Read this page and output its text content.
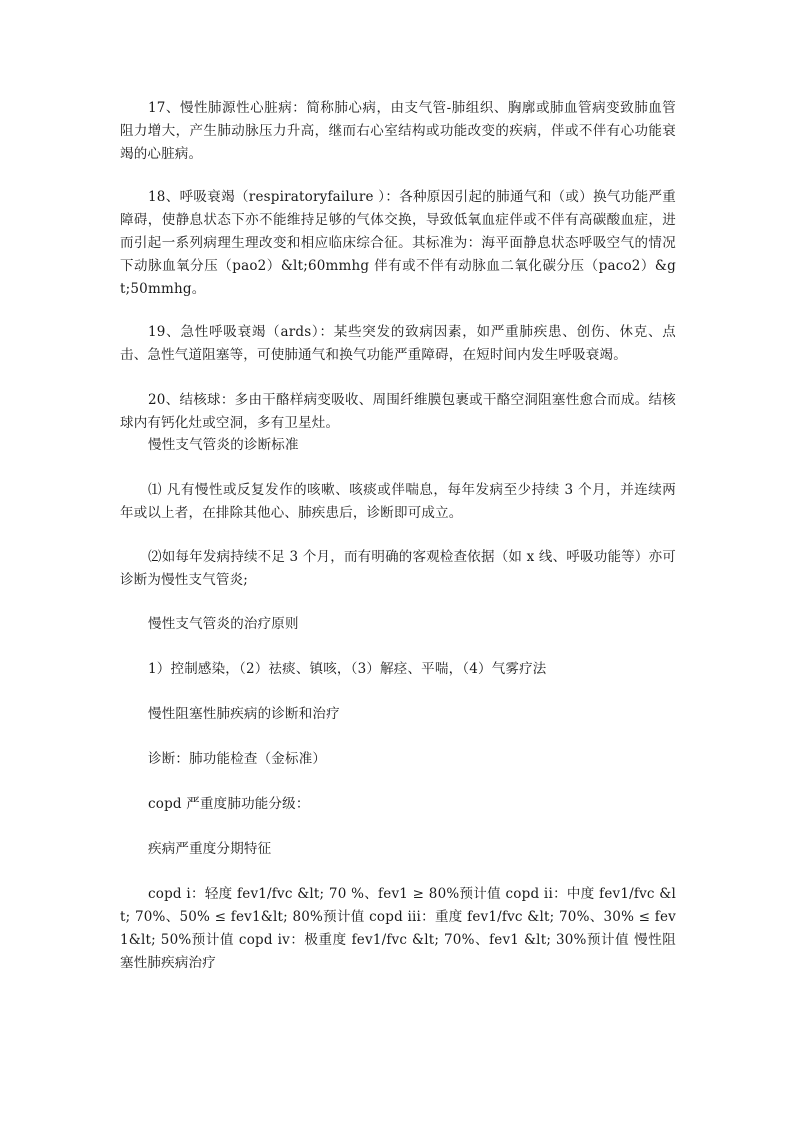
17、慢性肺源性心脏病：简称肺心病，由支气管-肺组织、胸廓或肺血管病变致肺血管阻力增大，产生肺动脉压力升高，继而右心室结构或功能改变的疾病，伴或不伴有心功能衰竭的心脏病。
18、呼吸衰竭（respiratoryfailure ）：各种原因引起的肺通气和（或）换气功能严重障碍，使静息状态下亦不能维持足够的气体交换，导致低氧血症伴或不伴有高碳酸血症，进而引起一系列病理生理改变和相应临床综合征。其标准为：海平面静息状态呼吸空气的情况下动脉血氧分压（pao2）&lt;60mmhg 伴有或不伴有动脉血二氧化碳分压（paco2）&gt;50mmhg。
19、急性呼吸衰竭（ards）：某些突发的致病因素，如严重肺疾患、创伤、休克、点击、急性气道阻塞等，可使肺通气和换气功能严重障碍，在短时间内发生呼吸衰竭。
20、结核球：多由干酪样病变吸收、周围纤维膜包裹或干酪空洞阻塞性愈合而成。结核球内有钙化灶或空洞，多有卫星灶。
慢性支气管炎的诊断标准
⑴ 凡有慢性或反复发作的咳嗽、咳痰或伴喘息，每年发病至少持续 3 个月，并连续两年或以上者，在排除其他心、肺疾患后，诊断即可成立。
⑵如每年发病持续不足 3 个月，而有明确的客观检查依据（如 x 线、呼吸功能等）亦可诊断为慢性支气管炎;
慢性支气管炎的治疗原则
1）控制感染，（2）祛痰、镇咳，（3）解痉、平喘，（4）气雾疗法
慢性阻塞性肺疾病的诊断和治疗
诊断：肺功能检查（金标准）
copd 严重度肺功能分级：
疾病严重度分期特征
copd i：轻度 fev1/fvc &lt; 70 %、fev1 ≥ 80%预计值 copd ii：中度 fev1/fvc &lt; 70%、50% ≤ fev1&lt; 80%预计值 copd iii：重度 fev1/fvc &lt; 70%、30% ≤ fev1&lt; 50%预计值 copd iv：极重度 fev1/fvc &lt; 70%、fev1 &lt; 30%预计值 慢性阻塞性肺疾病治疗
